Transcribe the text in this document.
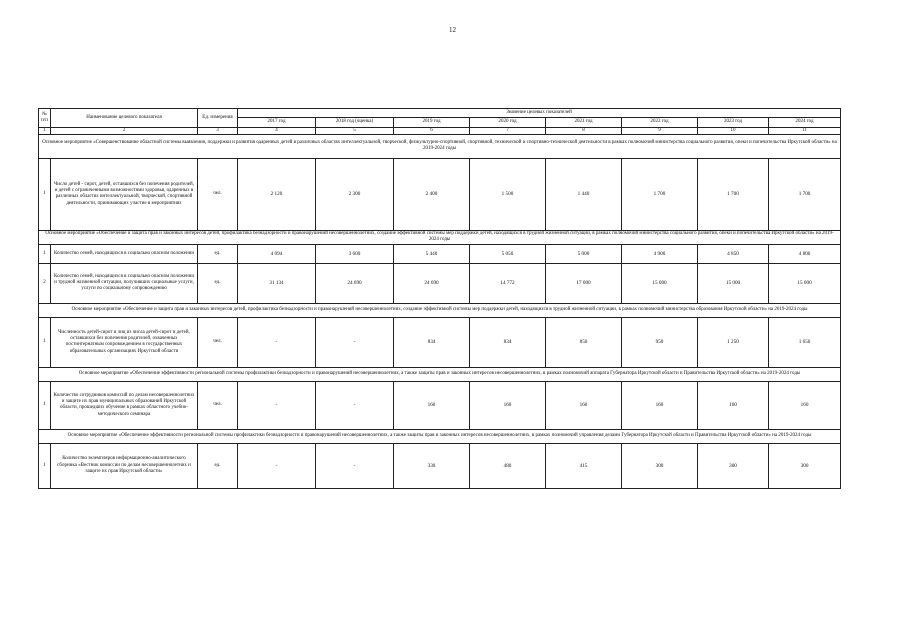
12
№ п/п	Наименование целевого показателя	Ед. измерения	Значение целевых показателей							
			2017 год	2018 год (оценка)	2019 год	2020 год	2021 год	2022 год	2023 год	2024 год
1	2	3	4	5	6	7	8	9	10	11
Основное мероприятие «Совершенствование областной системы выявления, поддержки и развития одаренных детей в различных областях интеллектуальной, творческой, физкультурно-спортивной, спортивной, технической и спортивно-технической деятельности в рамках полномочий министерства социального развития, опеки и попечительства Иркутской области» на 2019-2024 годы										
1	Число детей - сирот, детей, оставшихся без попечения родителей, и детей с ограниченными возможностями здоровья, одаренных в различных областях интеллектуальной, творческой, спортивной деятельности, принимающих участие в мероприятиях	чел.	2 120	2 300	2 400	1 500	1 440	1 700	1 700	1 700
Основное мероприятие «Обеспечение и защита прав и законных интересов детей, профилактика безнадзорности и правонарушений несовершеннолетних, создание эффективной системы мер поддержки детей, находящихся в трудной жизненной ситуации, в рамках полномочий министерства социального развития, опеки и попечительства Иркутской области» на 2019-2024 годы										
1	Количество семей, находящихся в социально опасном положении	ед.	4 094	3 600	5 440	5 050	5 000	4 900	4 850	4 800
2	Количество семей, находящихся в социально опасном положении и трудной жизненной ситуации, получивших социальные услуги, услуги по социальному сопровождению	ед.	31 134	24 690	24 690	14 772	17 000	15 000	15 000	15 000
Основное мероприятие «Обеспечение и защита прав и законных интересов детей, профилактика безнадзорности и правонарушений несовершеннолетних, создание эффективной системы мер поддержки детей, находящихся в трудной жизненной ситуации, в рамках полномочий министерства образования Иркутской области» на 2019-2024 годы										
1	Численность детей-сирот и лиц из числа детей-сирот и детей, оставшихся без попечения родителей, охваченных постинтернатным сопровождением в государственных образовательных организациях Иркутской области	чел.	-	-	834	834	850	950	1 250	1 650
Основное мероприятие «Обеспечение эффективности региональной системы профилактики безнадзорности и правонарушений несовершеннолетних, а также защиты прав и законных интересов несовершеннолетних, в рамках полномочий аппарата Губернатора Иркутской области и Правительства Иркутской области» на 2019-2024 годы										
1	Количество сотрудников комиссий по делам несовершеннолетних и защите их прав муниципальных образований Иркутской области, прошедших обучение в рамках областного учебно-методического семинара	чел.	-	-	160	160	160	160	160	160
Основное мероприятие «Обеспечение эффективности региональной системы профилактики безнадзорности и правонарушений несовершеннолетних, а также защиты прав и законных интересов несовершеннолетних, в рамках полномочий управления делами Губернатора Иркутской области и Правительства Иркутской области» на 2019-2024 годы										
1	Количество экземпляров информационно-аналитического сборника «Вестник комиссии по делам несовершеннолетних и защите их прав Иркутской области»	ед.	-	-	330	480	415	300	300	300
